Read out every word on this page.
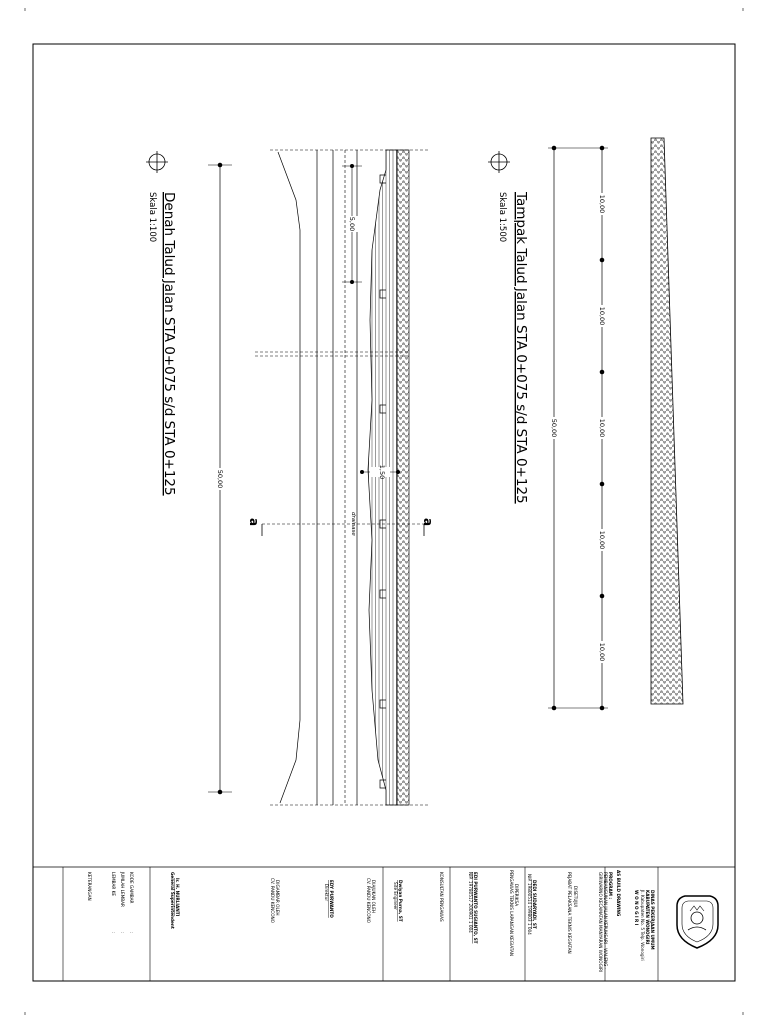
10,00
10,00
10,00
10,00
10,00
50,00
Tampak Talud Jalan STA 0+075 s/d STA 0+125
Skala 1:500
5,00
1,50
drainase
a	a
50,00
Denah Talud Jalan STA 0+075 s/d STA 0+125
Skala 1:100
DINAS PEKERJAAN UMUM
KABUPATEN WONOGIRI
Jl. Kabupaten No. 5 Telp. Wonogiri
W O N O G I R I
AS BUILD DRAWING
PROGRAM :
PEMBANGUNAN JALAN KEPUHSARI - WALENG -
GIRIWARNO KECAMATAN MANYARAN WONOGIRI
DISETUJUI
PEJABAT PELAKSANA TEKNIS KEGIATAN
DEDI SUDARYADI, ST
NIP. 19800514 199803 1 004
DIPERIKSA
PENGAWAS TEKNIS LAPANGAN KEGIATAN
EDI PURWANTO SUGIANTO, ST
NIP. 19780517 200901 1 004
KONSULTAN PENGAWAS
Dwiyan Purna, ST
Site Engineer
DIAJUKAN OLEH
CV. PANDU KENCONO
EDY PURWANTO
Direktur
DIGAMBAR OLEH
CV. PANDU KENCONO
Ir. H. NURLIANTI
General Superintendent
KODE GAMBAR
JUMLAH LEMBAR
LEMBAR KE
:
:
:
KETERANGAN
